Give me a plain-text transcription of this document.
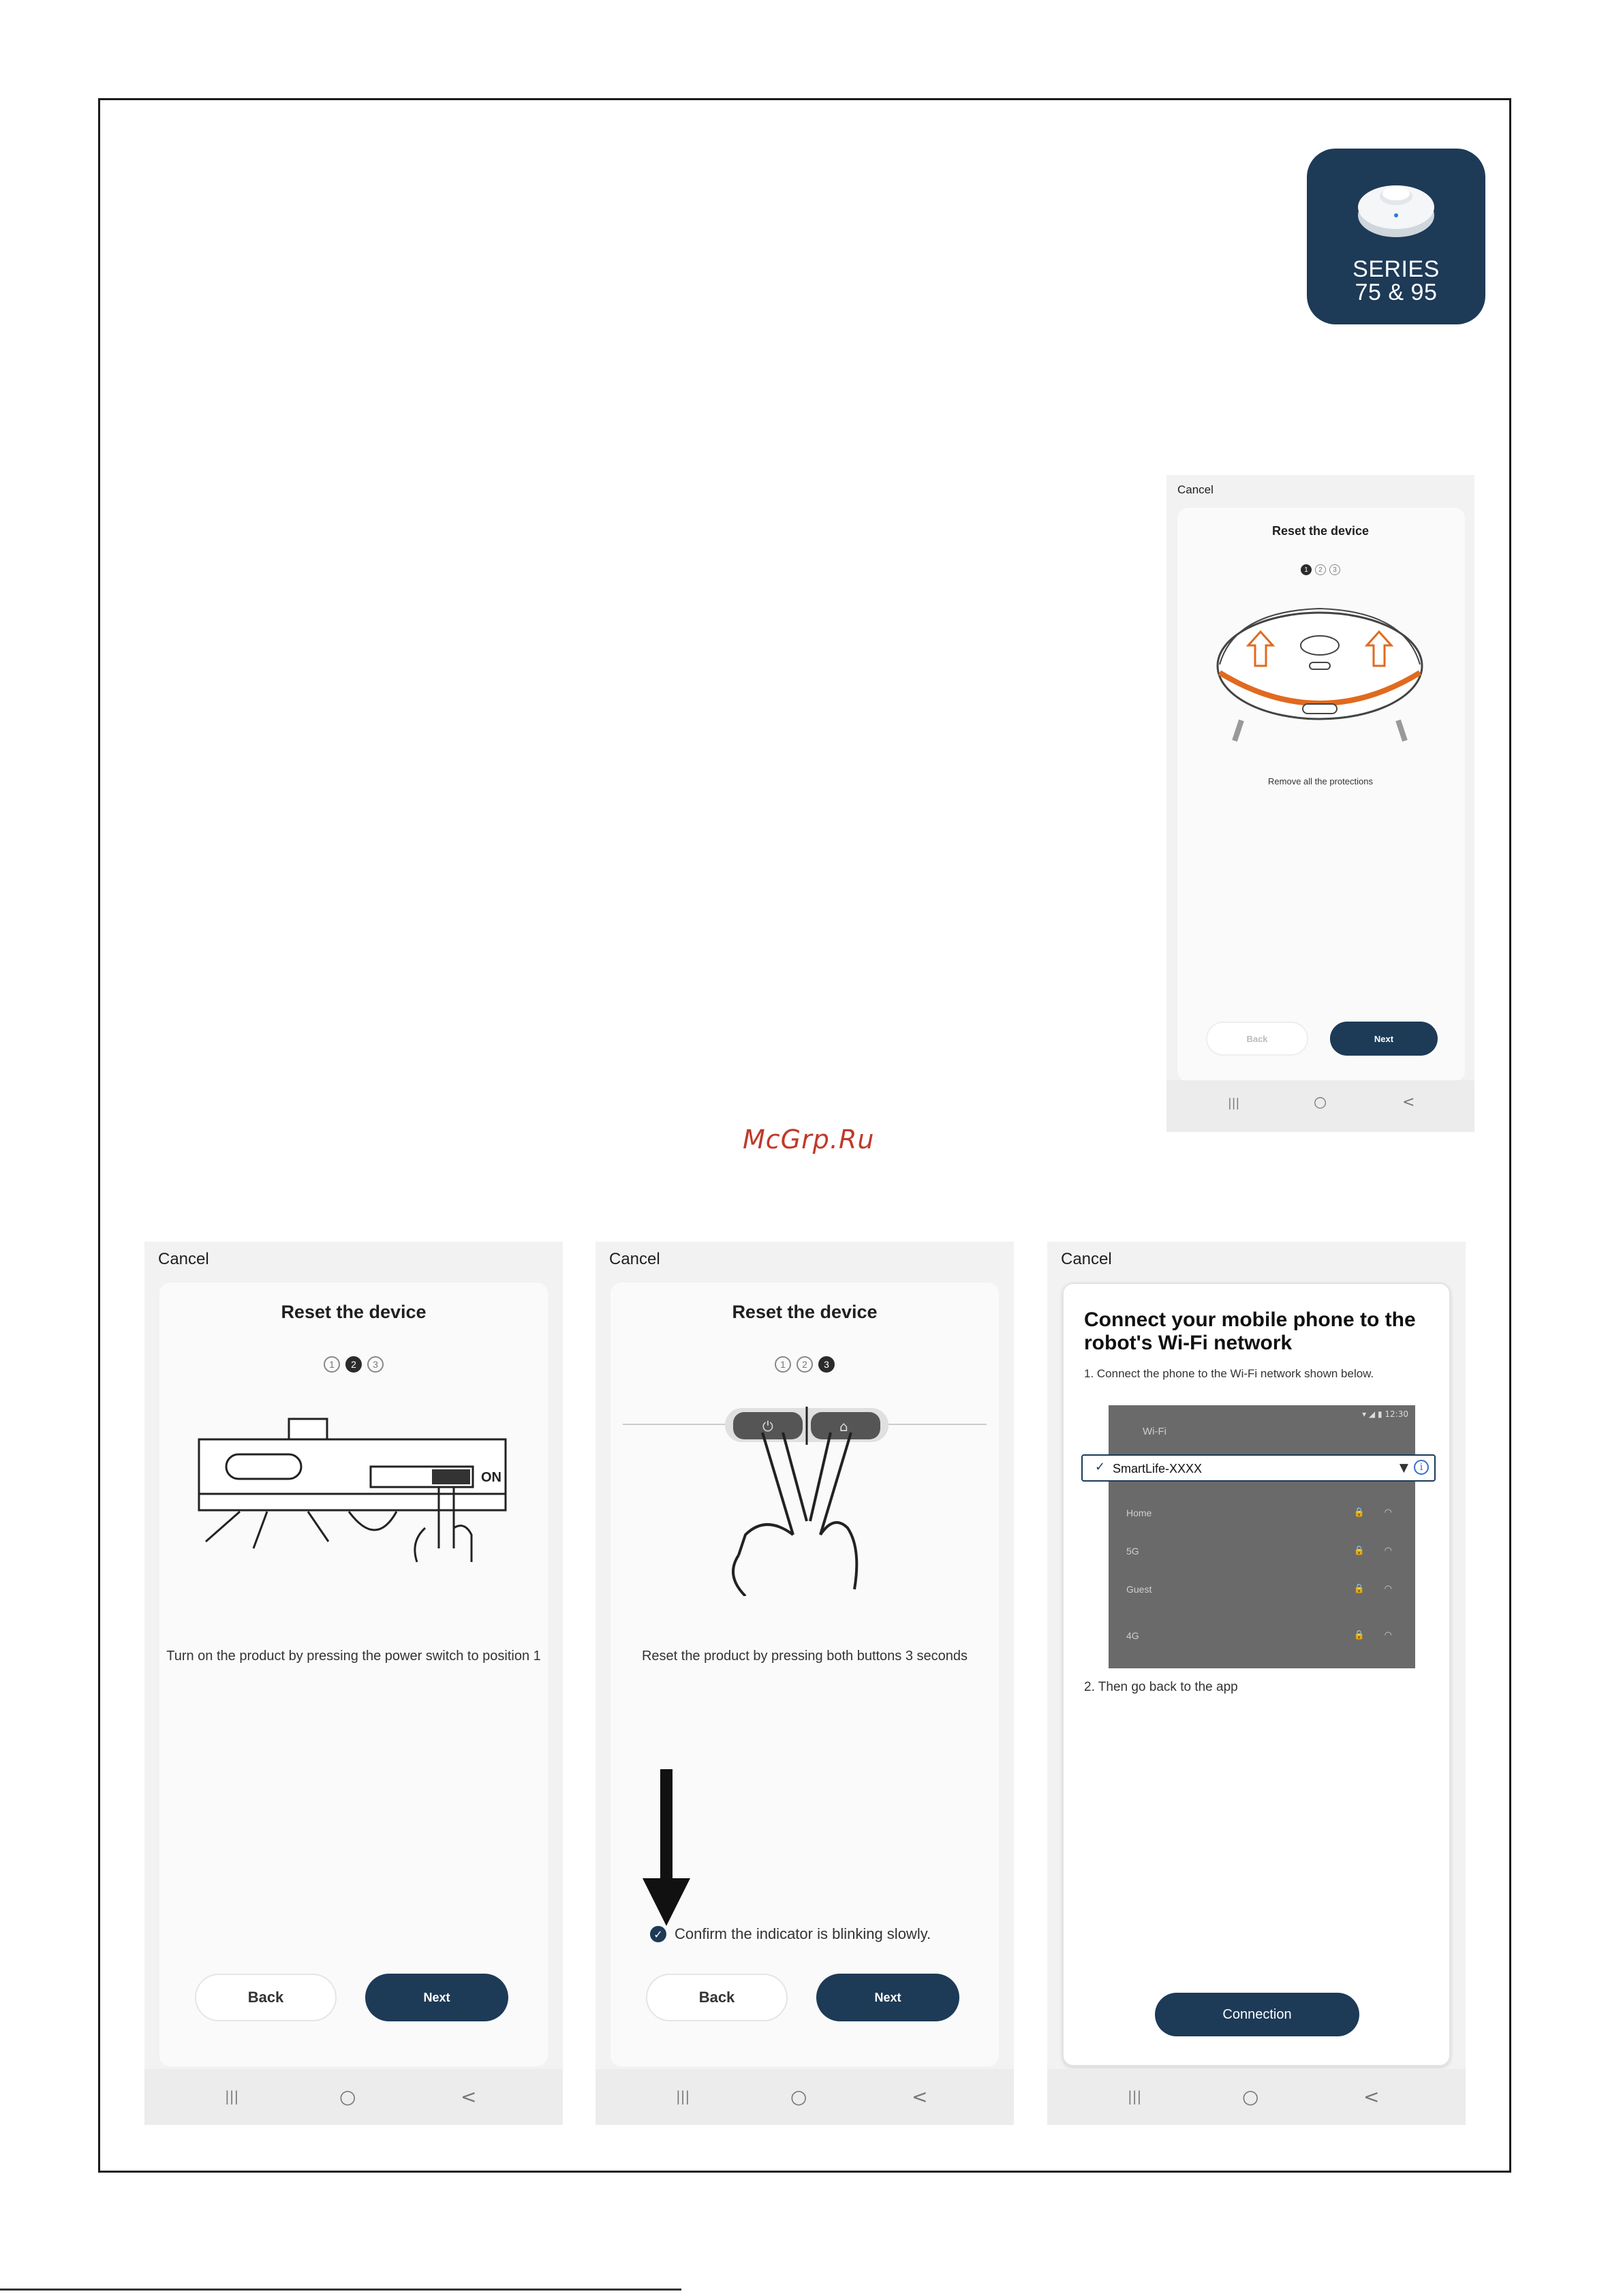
SERIES
75 & 95
Cancel
Reset the device
1	2	3
Remove all the protections
Back	Next
|||	○	<
McGrp.Ru
Cancel
Reset the device
1	2	3
ON
Turn on the product by pressing the power switch to position 1
Back	Next
|||	○	<
Cancel
Reset the device
1	2	3
⏻	⌂
Reset the product by pressing both buttons 3 seconds
✓ Confirm the indicator is blinking slowly.
Back	Next
|||	○	<
Cancel
Connect your mobile phone to the robot's Wi-Fi network
1. Connect the phone to the Wi-Fi network shown below.
▾ ◢ ▮ 12:30
Wi-Fi
Home	🔒 ◠
5G	🔒 ◠
Guest	🔒 ◠
4G	🔒 ◠
✓ SmartLife-XXXX	▼	i
2. Then go back to the app
Connection
|||	○	<
